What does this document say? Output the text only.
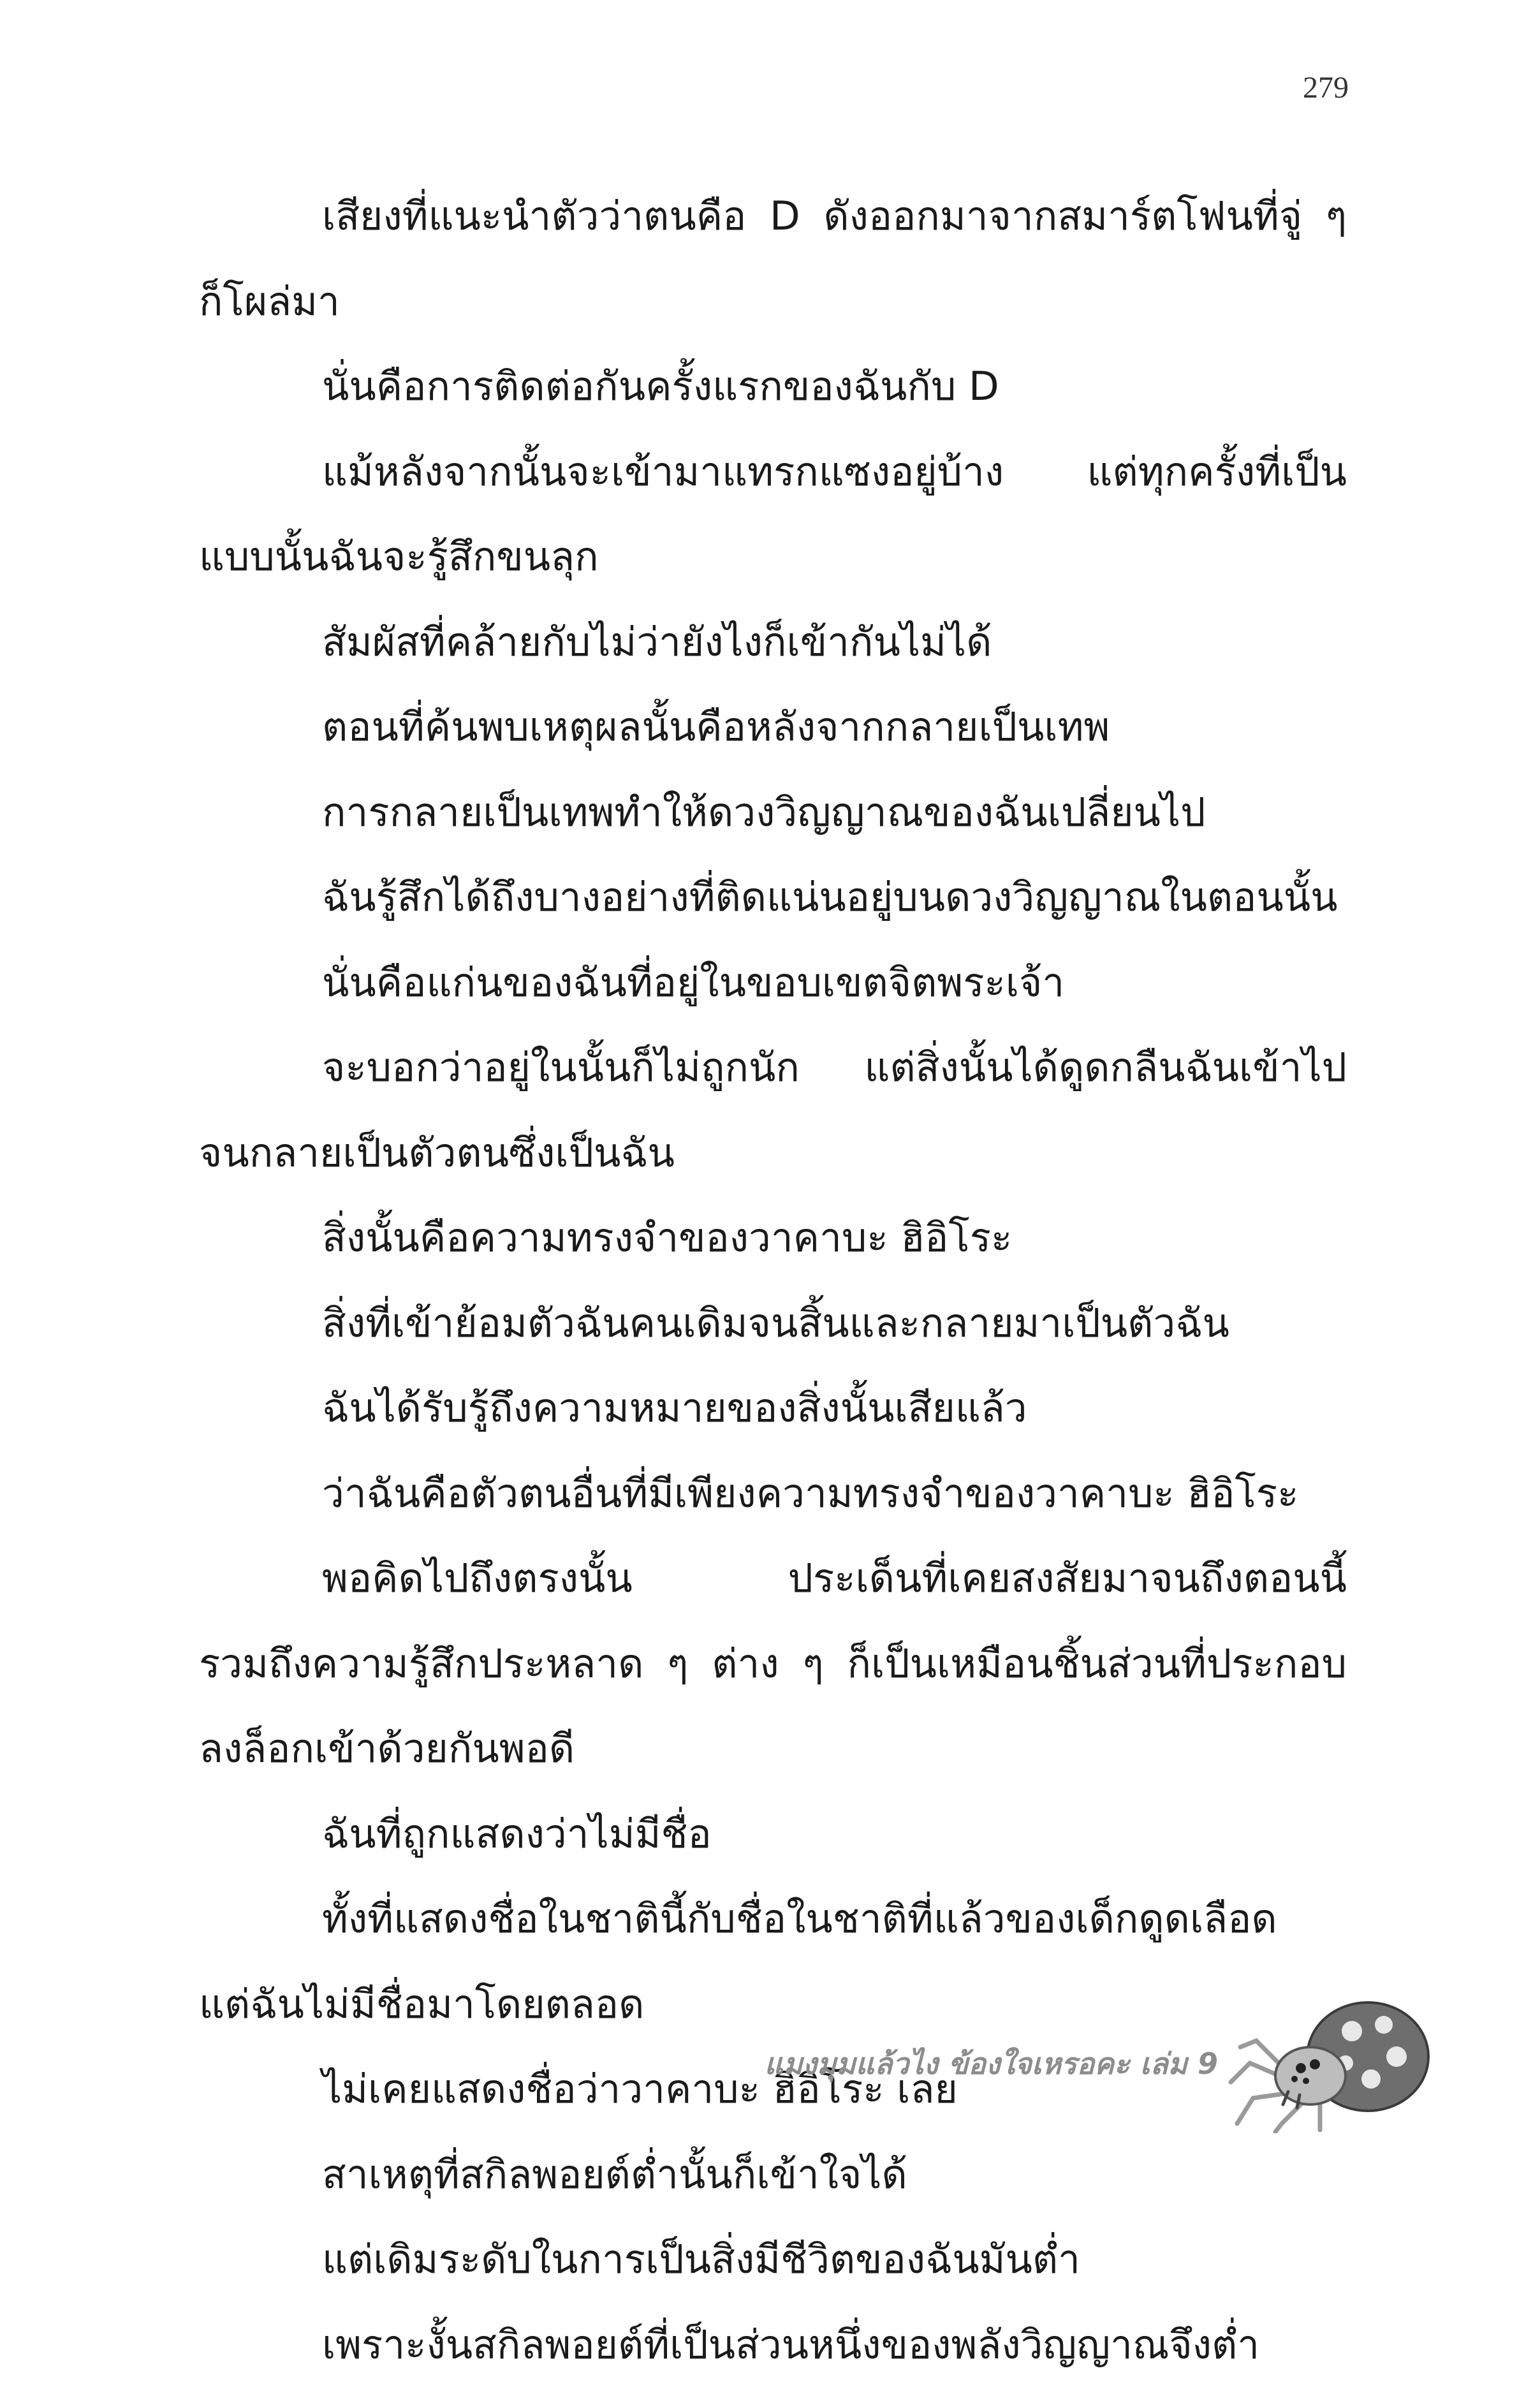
279
เสียงที่แนะนำตัวว่าตนคือ D ดังออกมาจากสมาร์ตโฟนที่จู่ ๆ
ก็โผล่มา
นั่นคือการติดต่อกันครั้งแรกของฉันกับ D
แม้หลังจากนั้นจะเข้ามาแทรกแซงอยู่บ้าง แต่ทุกครั้งที่เป็น
แบบนั้นฉันจะรู้สึกขนลุก
สัมผัสที่คล้ายกับไม่ว่ายังไงก็เข้ากันไม่ได้
ตอนที่ค้นพบเหตุผลนั้นคือหลังจากกลายเป็นเทพ
การกลายเป็นเทพทำให้ดวงวิญญาณของฉันเปลี่ยนไป
ฉันรู้สึกได้ถึงบางอย่างที่ติดแน่นอยู่บนดวงวิญญาณในตอนนั้น
นั่นคือแก่นของฉันที่อยู่ในขอบเขตจิตพระเจ้า
จะบอกว่าอยู่ในนั้นก็ไม่ถูกนัก แต่สิ่งนั้นได้ดูดกลืนฉันเข้าไป
จนกลายเป็นตัวตนซึ่งเป็นฉัน
สิ่งนั้นคือความทรงจำของวาคาบะ ฮิอิโระ
สิ่งที่เข้าย้อมตัวฉันคนเดิมจนสิ้นและกลายมาเป็นตัวฉัน
ฉันได้รับรู้ถึงความหมายของสิ่งนั้นเสียแล้ว
ว่าฉันคือตัวตนอื่นที่มีเพียงความทรงจำของวาคาบะ ฮิอิโระ
พอคิดไปถึงตรงนั้น ประเด็นที่เคยสงสัยมาจนถึงตอนนี้
รวมถึงความรู้สึกประหลาด ๆ ต่าง ๆ ก็เป็นเหมือนชิ้นส่วนที่ประกอบ
ลงล็อกเข้าด้วยกันพอดี
ฉันที่ถูกแสดงว่าไม่มีชื่อ
ทั้งที่แสดงชื่อในชาตินี้กับชื่อในชาติที่แล้วของเด็กดูดเลือด
แต่ฉันไม่มีชื่อมาโดยตลอด
ไม่เคยแสดงชื่อว่าวาคาบะ ฮิอิโระ เลย
สาเหตุที่สกิลพอยต์ต่ำนั้นก็เข้าใจได้
แต่เดิมระดับในการเป็นสิ่งมีชีวิตของฉันมันต่ำ
เพราะงั้นสกิลพอยต์ที่เป็นส่วนหนึ่งของพลังวิญญาณจึงต่ำ
แมงมุมแล้วไง ข้องใจเหรอคะ เล่ม 9
